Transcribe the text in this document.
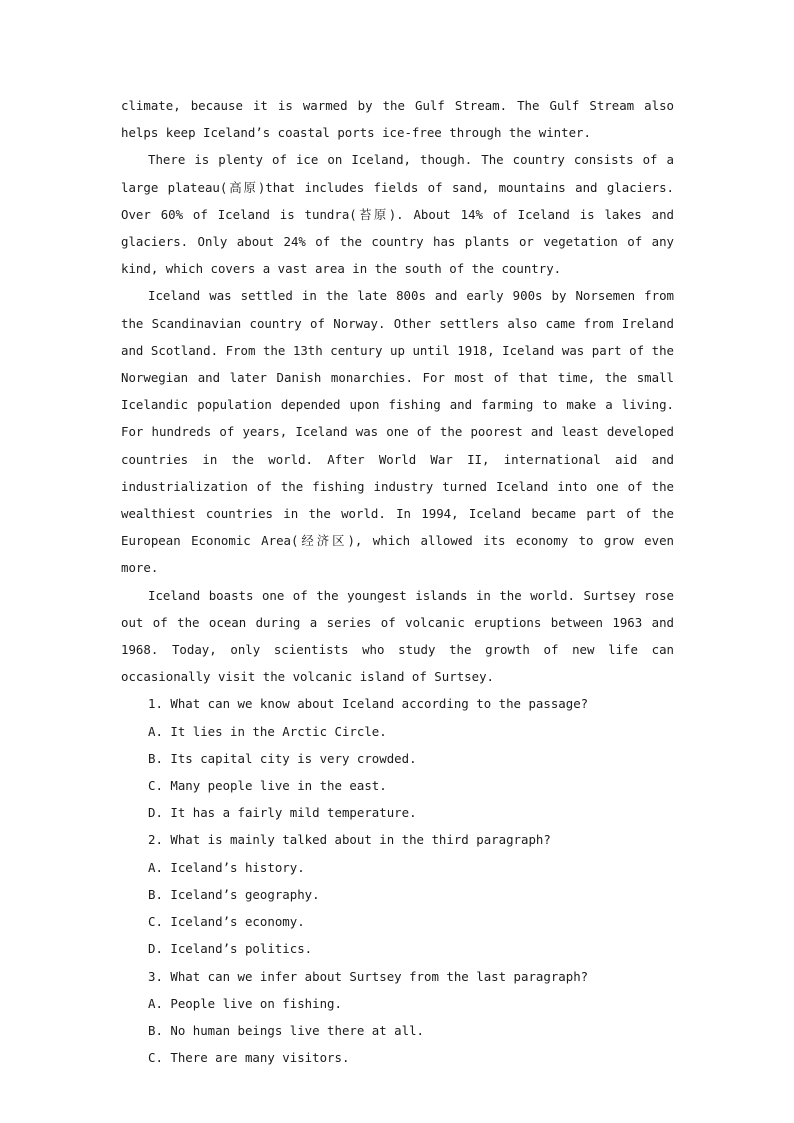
climate, because it is warmed by the Gulf Stream. The Gulf Stream also helps keep Iceland’s coastal ports ice-free through the winter.

There is plenty of ice on Iceland, though. The country consists of a large plateau(高原)that includes fields of sand, mountains and glaciers. Over 60% of Iceland is tundra(苔原). About 14% of Iceland is lakes and glaciers. Only about 24% of the country has plants or vegetation of any kind, which covers a vast area in the south of the country.

Iceland was settled in the late 800s and early 900s by Norsemen from the Scandinavian country of Norway. Other settlers also came from Ireland and Scotland. From the 13th century up until 1918, Iceland was part of the Norwegian and later Danish monarchies. For most of that time, the small Icelandic population depended upon fishing and farming to make a living. For hundreds of years, Iceland was one of the poorest and least developed countries in the world. After World War II, international aid and industrialization of the fishing industry turned Iceland into one of the wealthiest countries in the world. In 1994, Iceland became part of the European Economic Area(经济区), which allowed its economy to grow even more.

Iceland boasts one of the youngest islands in the world. Surtsey rose out of the ocean during a series of volcanic eruptions between 1963 and 1968. Today, only scientists who study the growth of new life can occasionally visit the volcanic island of Surtsey.

1. What can we know about Iceland according to the passage?

A. It lies in the Arctic Circle.

B. Its capital city is very crowded.

C. Many people live in the east.

D. It has a fairly mild temperature.

2. What is mainly talked about in the third paragraph?

A. Iceland’s history.

B. Iceland’s geography.

C. Iceland’s economy.

D. Iceland’s politics.

3. What can we infer about Surtsey from the last paragraph?

A. People live on fishing.

B. No human beings live there at all.

C. There are many visitors.
